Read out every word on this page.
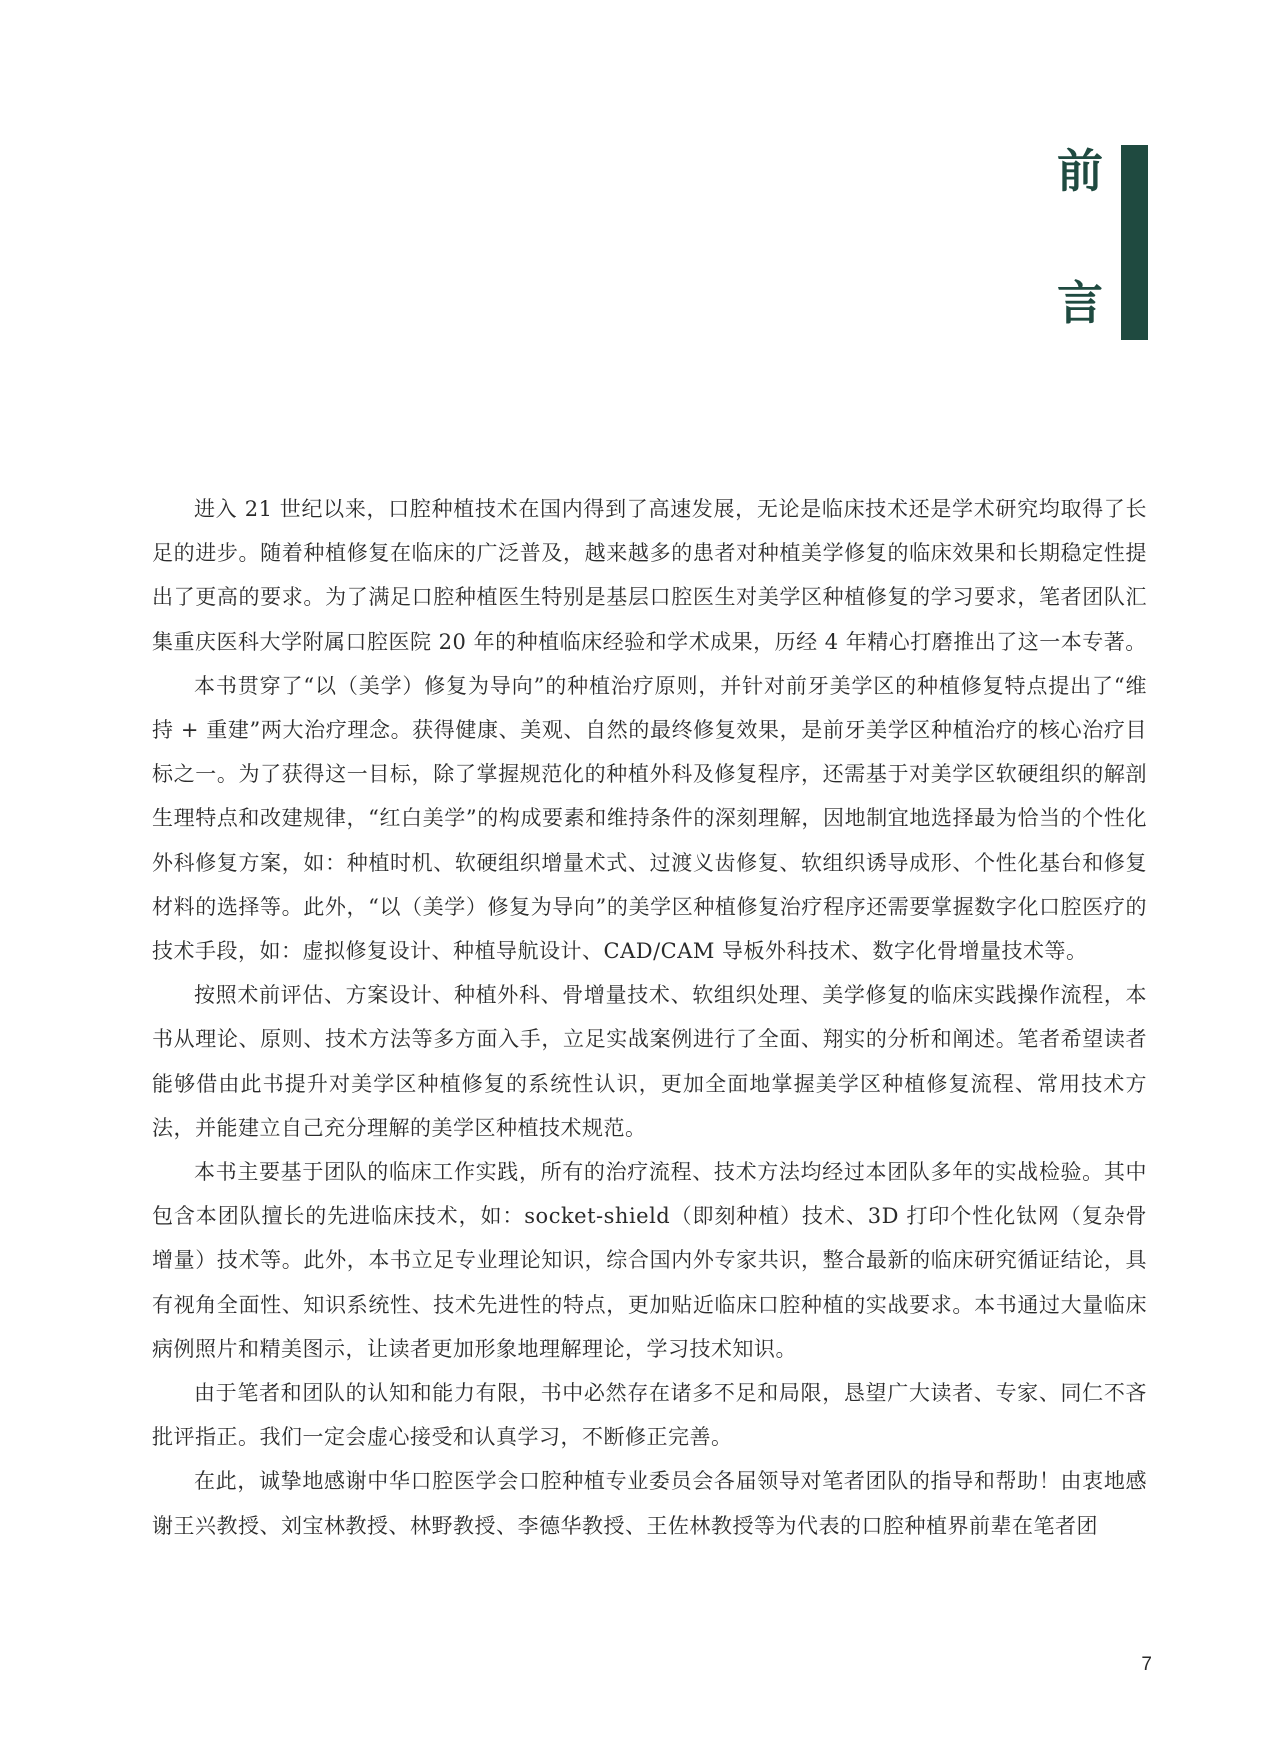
前
言

进入 21 世纪以来，口腔种植技术在国内得到了高速发展，无论是临床技术还是学术研究均取得了长足的进步。随着种植修复在临床的广泛普及，越来越多的患者对种植美学修复的临床效果和长期稳定性提出了更高的要求。为了满足口腔种植医生特别是基层口腔医生对美学区种植修复的学习要求，笔者团队汇集重庆医科大学附属口腔医院 20 年的种植临床经验和学术成果，历经 4 年精心打磨推出了这一本专著。

本书贯穿了“以（美学）修复为导向”的种植治疗原则，并针对前牙美学区的种植修复特点提出了“维持 + 重建”两大治疗理念。获得健康、美观、自然的最终修复效果，是前牙美学区种植治疗的核心治疗目标之一。为了获得这一目标，除了掌握规范化的种植外科及修复程序，还需基于对美学区软硬组织的解剖生理特点和改建规律，“红白美学”的构成要素和维持条件的深刻理解，因地制宜地选择最为恰当的个性化外科修复方案，如：种植时机、软硬组织增量术式、过渡义齿修复、软组织诱导成形、个性化基台和修复材料的选择等。此外，“以（美学）修复为导向”的美学区种植修复治疗程序还需要掌握数字化口腔医疗的技术手段，如：虚拟修复设计、种植导航设计、CAD/CAM 导板外科技术、数字化骨增量技术等。

按照术前评估、方案设计、种植外科、骨增量技术、软组织处理、美学修复的临床实践操作流程，本书从理论、原则、技术方法等多方面入手，立足实战案例进行了全面、翔实的分析和阐述。笔者希望读者能够借由此书提升对美学区种植修复的系统性认识，更加全面地掌握美学区种植修复流程、常用技术方法，并能建立自己充分理解的美学区种植技术规范。

本书主要基于团队的临床工作实践，所有的治疗流程、技术方法均经过本团队多年的实战检验。其中包含本团队擅长的先进临床技术，如：socket-shield（即刻种植）技术、3D 打印个性化钛网（复杂骨增量）技术等。此外，本书立足专业理论知识，综合国内外专家共识，整合最新的临床研究循证结论，具有视角全面性、知识系统性、技术先进性的特点，更加贴近临床口腔种植的实战要求。本书通过大量临床病例照片和精美图示，让读者更加形象地理解理论，学习技术知识。

由于笔者和团队的认知和能力有限，书中必然存在诸多不足和局限，恳望广大读者、专家、同仁不吝批评指正。我们一定会虚心接受和认真学习，不断修正完善。

在此，诚挚地感谢中华口腔医学会口腔种植专业委员会各届领导对笔者团队的指导和帮助！由衷地感谢王兴教授、刘宝林教授、林野教授、李德华教授、王佐林教授等为代表的口腔种植界前辈在笔者团

7
